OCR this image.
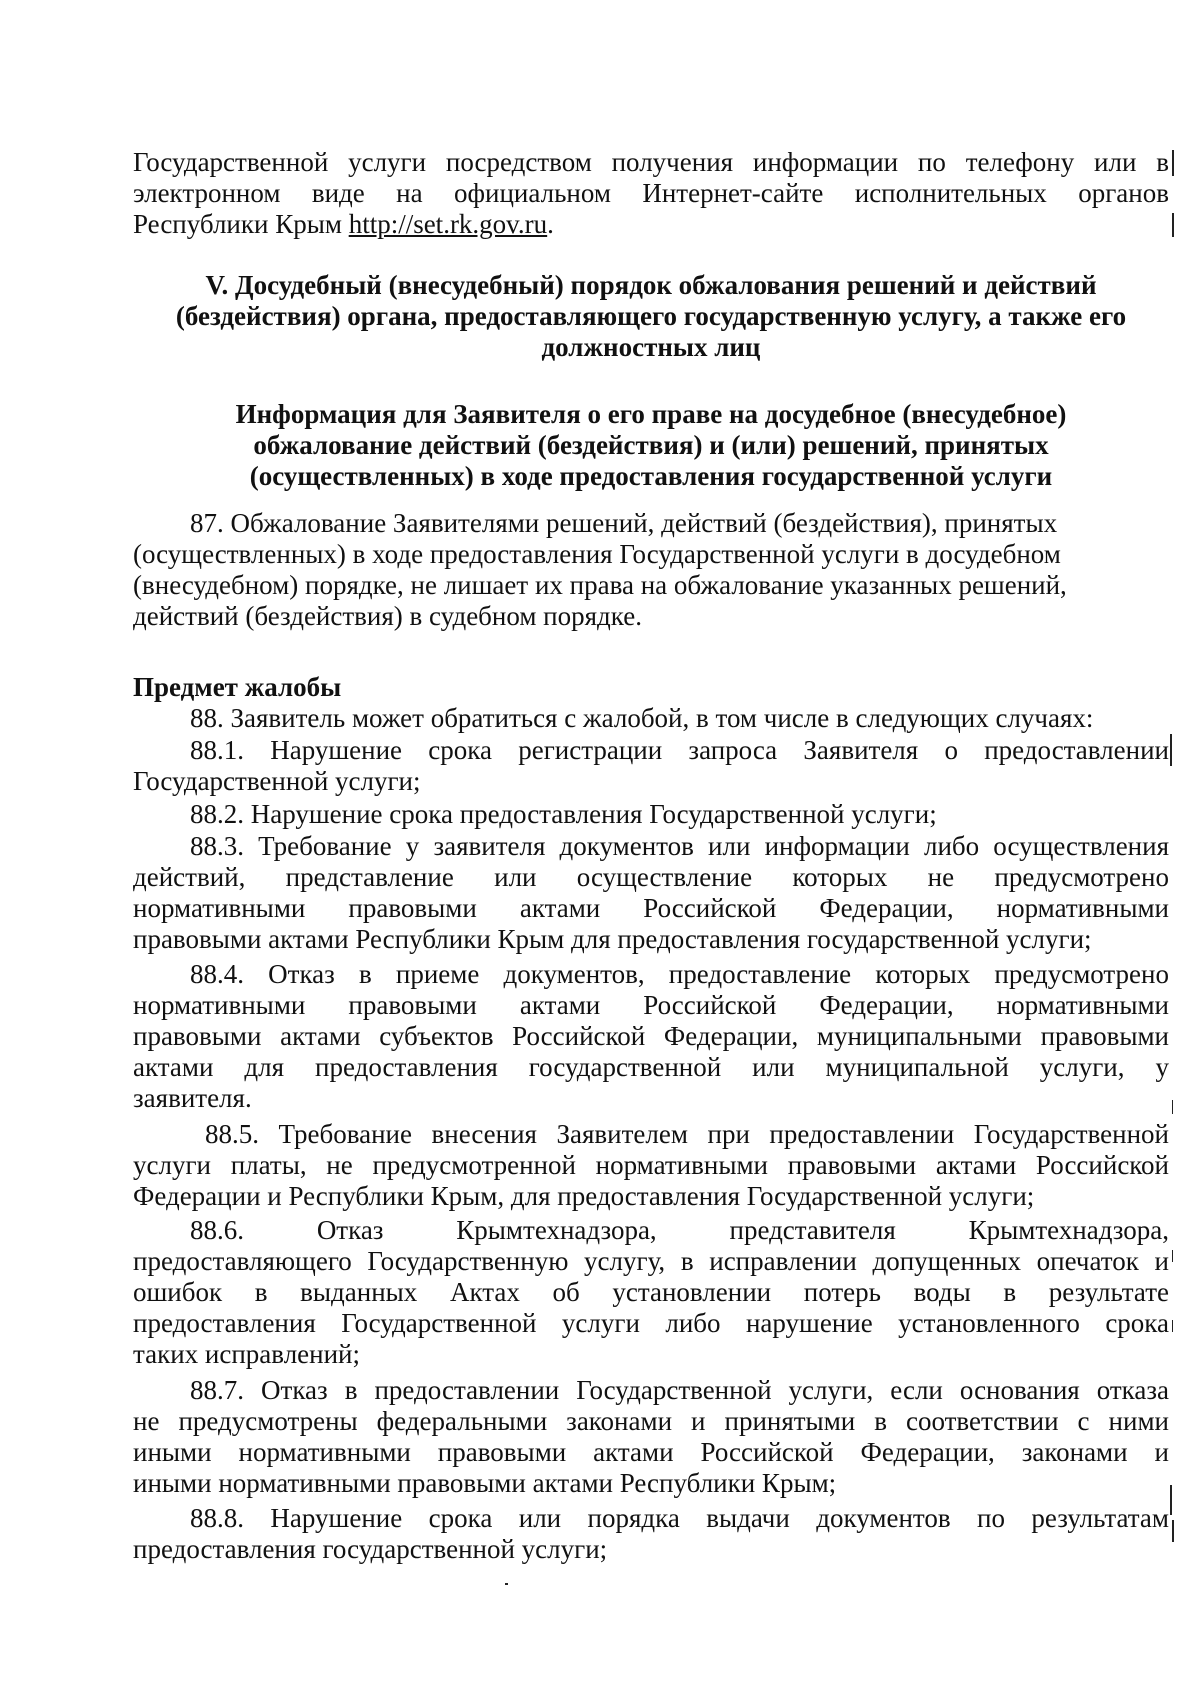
Государственной услуги посредством получения информации по телефону или в
электронном виде на официальном Интернет-сайте исполнительных органов
Республики Крым http://set.rk.gov.ru.
V. Досудебный (внесудебный) порядок обжалования решений и действий
(бездействия) органа, предоставляющего государственную услугу, а также его
должностных лиц
Информация для Заявителя о его праве на досудебное (внесудебное)
обжалование действий (бездействия) и (или) решений, принятых
(осуществленных) в ходе предоставления государственной услуги
87. Обжалование Заявителями решений, действий (бездействия), принятых
(осуществленных) в ходе предоставления Государственной услуги в досудебном
(внесудебном) порядке, не лишает их права на обжалование указанных решений,
действий (бездействия) в судебном порядке.
Предмет жалобы
88. Заявитель может обратиться с жалобой, в том числе в следующих случаях:
88.1. Нарушение срока регистрации запроса Заявителя о предоставлении
Государственной услуги;
88.2. Нарушение срока предоставления Государственной услуги;
88.3. Требование у заявителя документов или информации либо осуществления
действий, представление или осуществление которых не предусмотрено
нормативными правовыми актами Российской Федерации, нормативными
правовыми актами Республики Крым для предоставления государственной услуги;
88.4. Отказ в приеме документов, предоставление которых предусмотрено
нормативными правовыми актами Российской Федерации, нормативными
правовыми актами субъектов Российской Федерации, муниципальными правовыми
актами для предоставления государственной или муниципальной услуги, у
заявителя.
88.5. Требование внесения Заявителем при предоставлении Государственной
услуги платы, не предусмотренной нормативными правовыми актами Российской
Федерации и Республики Крым, для предоставления Государственной услуги;
88.6. Отказ Крымтехнадзора, представителя Крымтехнадзора,
предоставляющего Государственную услугу, в исправлении допущенных опечаток и
ошибок в выданных Актах об установлении потерь воды в результате
предоставления Государственной услуги либо нарушение установленного срока
таких исправлений;
88.7. Отказ в предоставлении Государственной услуги, если основания отказа
не предусмотрены федеральными законами и принятыми в соответствии с ними
иными нормативными правовыми актами Российской Федерации, законами и
иными нормативными правовыми актами Республики Крым;
88.8. Нарушение срока или порядка выдачи документов по результатам
предоставления государственной услуги;
